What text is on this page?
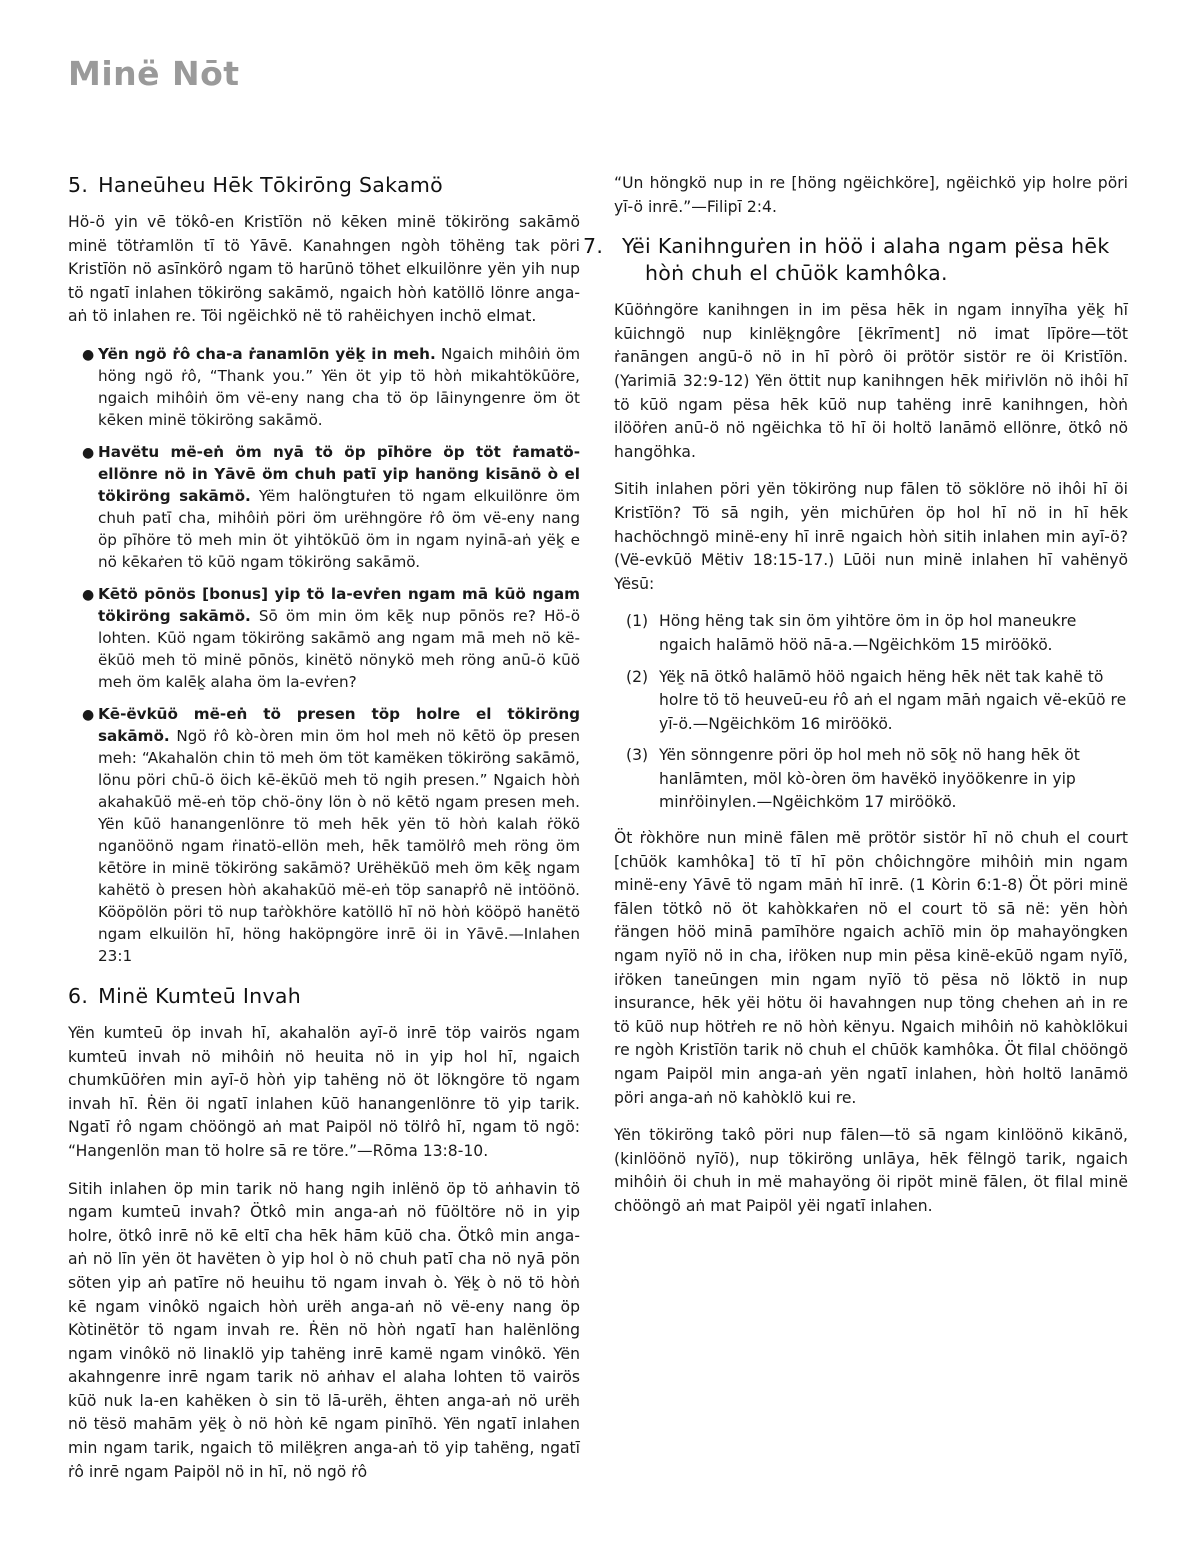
Minë Nōt
5. Haneūheu Hēk Tōkirōng Sakamö

Hö-ö yin vē tökô-en Kristīön nö kēken minë tökiröng sakāmö minë tötṙamlön tī tö Yāvē. Kanahngen ngòh töhëng tak pöri Kristīön nö asīnkörô ngam tö harūnö töhet elkuilönre yën yih nup tö ngatī inlahen tökiröng sakāmö, ngaich hòṅ katöllö lönre anga-aṅ tö inlahen re. Töi ngëichkö në tö rahëichyen inchö elmat.

● Yën ngö ṙô cha-a ṙanamlōn yëḵ in meh. Ngaich mihôiṅ öm höng ngö ṙô, “Thank you.” Yën öt yip tö hòṅ mikahtökūöre, ngaich mihôiṅ öm vë-eny nang cha tö öp lāinyngenre öm öt kēken minë tökiröng sakāmö.
● Havëtu më-eṅ öm nyā tö öp pīhöre öp töt ṙamatö-ellönre nö in Yāvē öm chuh patī yip hanöng kisānö ò el tökiröng sakāmö. Yëm halöngtuṙen tö ngam elkuilönre öm chuh patī cha, mihôiṅ pöri öm urëhngöre ṙô öm vë-eny nang öp pīhöre tö meh min öt yihtökūö öm in ngam nyinā-aṅ yëḵ e nö kēkaṙen tö kūö ngam tökiröng sakāmö.
● Kētö pōnös [bonus] yip tö la-evṙen ngam mā kūö ngam tökiröng sakāmö. Sō öm min öm kēḵ nup pōnös re? Hö-ö lohten. Kūö ngam tökiröng sakāmö ang ngam mā meh nö kë-ëkūö meh tö minë pōnös, kinëtö nönykö meh röng anū-ö kūö meh öm kalēḵ alaha öm la-evṙen?
● Kē-ëvkūö më-eṅ tö presen töp holre el tökiröng sakāmö. Ngö ṙô kò-òren min öm hol meh nö kētö öp presen meh: “Akahalön chin tö meh öm töt kamëken tökiröng sakāmö, lönu pöri chū-ö öich kē-ëkūö meh tö ngih presen.” Ngaich hòṅ akahakūö më-eṅ töp chö-öny lön ò nö kētö ngam presen meh. Yën kūö hanangenlönre tö meh hēk yën tö hòṅ kalah ṙökö nganöönö ngam ṙinatö-ellön meh, hēk tamölṙô meh röng öm kētöre in minë tökiröng sakāmö? Urëhëkūö meh öm kēḵ ngam kahëtö ò presen hòṅ akahakūö më-eṅ töp sanapṙô në intöönö. Kööpölön pöri tö nup taṙòkhöre katöllö hī nö hòṅ kööpö hanëtö ngam elkuilön hī, höng haköpngöre inrē öi in Yāvē.—Inlahen 23:1
6. Minë Kumteū Invah

Yën kumteū öp invah hī, akahalön ayī-ö inrē töp vairös ngam kumteū invah nö mihôiṅ nö heuita nö in yip hol hī, ngaich chumkūöṙen min ayī-ö hòṅ yip tahëng nö öt lökngöre tö ngam invah hī. Ṙën öi ngatī inlahen kūö hanangenlönre tö yip tarik. Ngatī ṙô ngam chööngö aṅ mat Paipöl nö tölṙô hī, ngam tö ngö: “Hangenlön man tö holre sā re töre.”—Rōma 13:8-10.

Sitih inlahen öp min tarik nö hang ngih inlënö öp tö aṅhavin tö ngam kumteū invah? Ötkô min anga-aṅ nö fūöltöre nö in yip holre, ötkô inrē nö kē eltī cha hēk hām kūö cha. Ötkô min anga-aṅ nö līn yën öt havëten ò yip hol ò nö chuh patī cha nö nyā pön söten yip aṅ patīre nö heuihu tö ngam invah ò. Yëḵ ò nö tö hòṅ kē ngam vinôkö ngaich hòṅ urëh anga-aṅ nö vë-eny nang öp Kòtinëtör tö ngam invah re. Ṙën nö hòṅ ngatī han halënlöng ngam vinôkö nö linaklö yip tahëng inrē kamë ngam vinôkö. Yën akahngenre inrē ngam tarik nö aṅhav el alaha lohten tö vairös kūö nuk la-en kahëken ò sin tö lā-urëh, ëhten anga-aṅ nö urëh nö tësö mahām yëḵ ò nö hòṅ kē ngam pinīhö. Yën ngatī inlahen min ngam tarik, ngaich tö milëḵren anga-aṅ tö yip tahëng, ngatī ṙô inrē ngam Paipöl nö in hī, nö ngö ṙô

“Un höngkö nup in re [höng ngëichköre], ngëichkö yip holre pöri yī-ö inrē.”—Filipī 2:4.

7. Yëi Kanihnguṙen in höö i alaha ngam pësa hēk hòṅ chuh el chūök kamhôka.

Kūöṅngöre kanihngen in im pësa hēk in ngam innyīha yëḵ hī kūichngö nup kinlëḵngôre [ëkrīment] nö imat līpöre—töt ṙanāngen angū-ö nö in hī pòrô öi prötör sistör re öi Kristīön. (Yarimiā 32:9-12) Yën öttit nup kanihngen hēk miṙivlön nö ihôi hī tö kūö ngam pësa hēk kūö nup tahëng inrē kanihngen, hòṅ ilööṙen anū-ö nö ngëichka tö hī öi holtö lanāmö ellönre, ötkô nö hangöhka.

Sitih inlahen pöri yën tökiröng nup fālen tö söklöre nö ihôi hī öi Kristīön? Tö sā ngih, yën michūṙen öp hol hī nö in hī hēk hachöchngö minë-eny hī inrē ngaich hòṅ sitih inlahen min ayī-ö? (Vë-evkūö Mëtiv 18:15-17.) Lūöi nun minë inlahen hī vahënyö Yësū:

(1) Höng hëng tak sin öm yihtöre öm in öp hol maneukre ngaich halāmö höö nā-a.—Ngëichköm 15 miröökö.
(2) Yëḵ nā ötkô halāmö höö ngaich hëng hēk nët tak kahë tö holre tö tö heuveū-eu ṙô aṅ el ngam māṅ ngaich vë-ekūö re yī-ö.—Ngëichköm 16 miröökö.
(3) Yën sönngenre pöri öp hol meh nö sōḵ nö hang hēk öt hanlāmten, möl kò-òren öm havëkö inyöökenre in yip minṙöinylen.—Ngëichköm 17 miröökö.

Öt ṙòkhöre nun minë fālen më prötör sistör hī nö chuh el court [chūök kamhôka] tö tī hī pön chôichngöre mihôiṅ min ngam minë-eny Yāvē tö ngam māṅ hī inrē. (1 Kòrin 6:1-8) Öt pöri minë fālen tötkô nö öt kahòkkaṙen nö el court tö sā në: yën hòṅ ṙängen höö minā pamīhöre ngaich achīö min öp mahayöngken ngam nyīö nö in cha, iṙöken nup min pësa kinë-ekūö ngam nyīö, iṙöken taneūngen min ngam nyīö tö pësa nö löktö in nup insurance, hēk yëi hötu öi havahngen nup töng chehen aṅ in re tö kūö nup hötṙeh re nö hòṅ kënyu. Ngaich mihôiṅ nö kahòklökui re ngòh Kristīön tarik nö chuh el chūök kamhôka. Öt filal chööngö ngam Paipöl min anga-aṅ yën ngatī inlahen, hòṅ holtö lanāmö pöri anga-aṅ nö kahòklö kui re.

Yën tökiröng takô pöri nup fālen—tö sā ngam kinlöönö kikānö, (kinlöönö nyīö), nup tökiröng unlāya, hēk fëlngö tarik, ngaich mihôiṅ öi chuh in më mahayöng öi ripöt minë fālen, öt filal minë chööngö aṅ mat Paipöl yëi ngatī inlahen.
